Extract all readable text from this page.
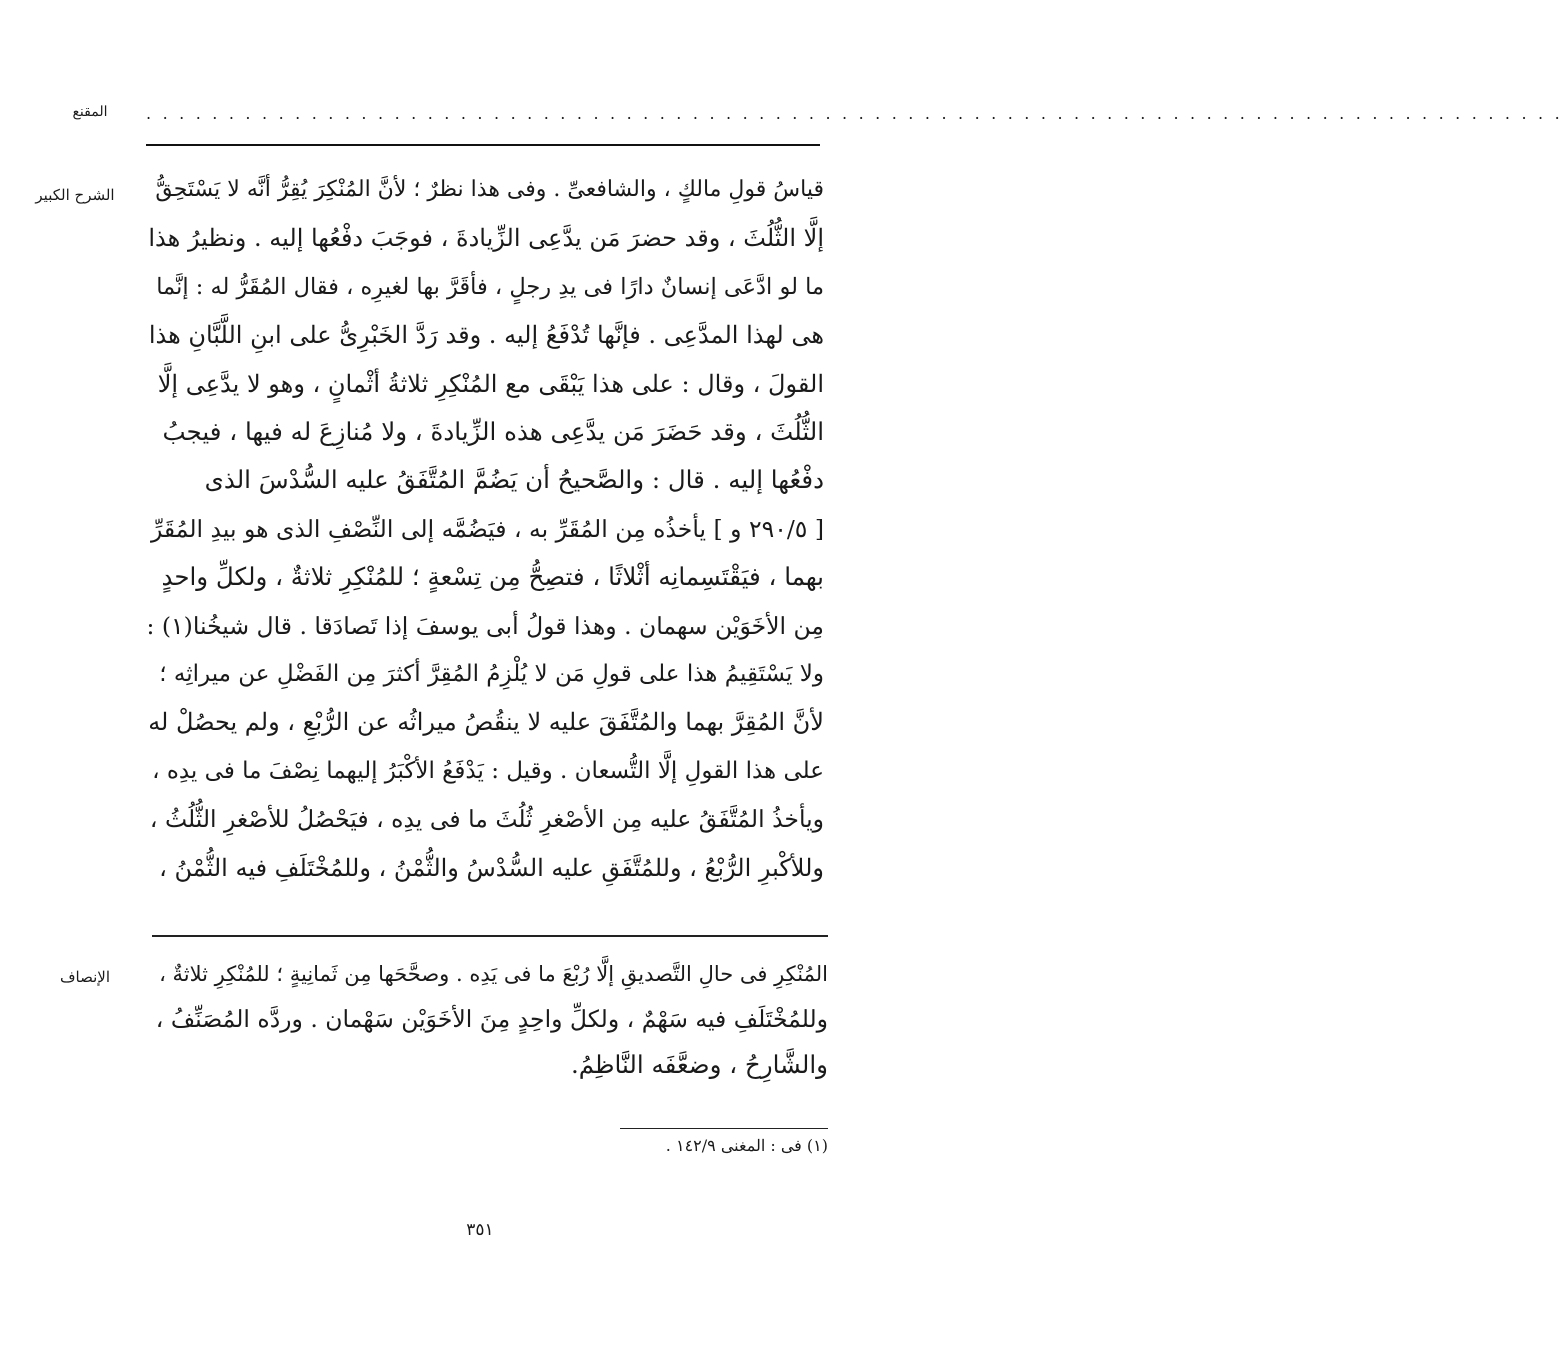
المقنع	. . . . . . . . . . . . . . . . . . . . . . . . . . . . . . . . . . . . . . . . . . . . . . . . . . . . . . . . . . . . . . . . . . . . . . . . . . . . . . . . . . . . . .
الشرح الكبير	قياسُ قولِ مالكٍ ، والشافعىِّ . وفى هذا نظرٌ ؛ لأنَّ المُنْكِرَ يُقِرُّ أنَّه لا يَسْتَحِقُّ
إلَّا الثُّلُثَ ، وقد حضرَ مَن يدَّعِى الزِّيادةَ ، فوجَبَ دفْعُها إليه . ونظيرُ هذا
ما لو ادَّعَى إنسانٌ دارًا فى يدِ رجلٍ ، فأقَرَّ بها لغيرِه ، فقال المُقَرُّ له : إنَّما
هى لهذا المدَّعِى . فإنَّها تُدْفَعُ إليه . وقد رَدَّ الخَبْرِىُّ على ابنِ اللَّبَّانِ هذا
القولَ ، وقال : على هذا يَبْقَى مع المُنْكِرِ ثلاثةُ أثْمانٍ ، وهو لا يدَّعِى إلَّا
الثُّلُثَ ، وقد حَضَرَ مَن يدَّعِى هذه الزِّيادةَ ، ولا مُنازِعَ له فيها ، فيجبُ
دفْعُها إليه . قال : والصَّحيحُ أن يَضُمَّ المُتَّفَقُ عليه السُّدْسَ الذى
[ ٢٩٠/٥ و ] يأخذُه مِن المُقَرِّ به ، فيَضُمَّه إلى النِّصْفِ الذى هو بيدِ المُقَرِّ
بهما ، فيَقْتَسِمانِه أثْلاثًا ، فتصِحُّ مِن تِسْعةٍ ؛ للمُنْكِرِ ثلاثةٌ ، ولكلِّ واحدٍ
مِن الأخَوَيْن سهمان . وهذا قولُ أبى يوسفَ إذا تَصادَقا . قال شيخُنا(١) :
ولا يَسْتَقِيمُ هذا على قولِ مَن لا يُلْزِمُ المُقِرَّ أكثرَ مِن الفَضْلِ عن ميراثِه ؛
لأنَّ المُقِرَّ بهما والمُتَّفَقَ عليه لا ينقُصُ ميراثُه عن الرُّبْعِ ، ولم يحصُلْ له
على هذا القولِ إلَّا التُّسعان . وقيل : يَدْفَعُ الأكْبَرُ إليهما نِصْفَ ما فى يدِه ،
ويأخذُ المُتَّفَقُ عليه مِن الأصْغرِ ثُلُثَ ما فى يدِه ، فيَحْصُلُ للأصْغرِ الثُّلُثُ ،
وللأكْبرِ الرُّبْعُ ، وللمُتَّفَقِ عليه السُّدْسُ والثُّمْنُ ، وللمُخْتَلَفِ فيه الثُّمْنُ ،
الإنصاف	المُنْكِرِ فى حالِ التَّصديقِ إلَّا رُبْعَ ما فى يَدِه . وصحَّحَها مِن ثَمانِيةٍ ؛ للمُنْكِرِ ثلاثةٌ ،
وللمُخْتَلَفِ فيه سَهْمٌ ، ولكلِّ واحِدٍ مِنَ الأخَوَيْن سَهْمان . وردَّه المُصَنِّفُ ،
والشَّارِحُ ، وضعَّفَه النَّاظِمُ.
(١) فى : المغنى ١٤٢/٩ .
٣٥١
